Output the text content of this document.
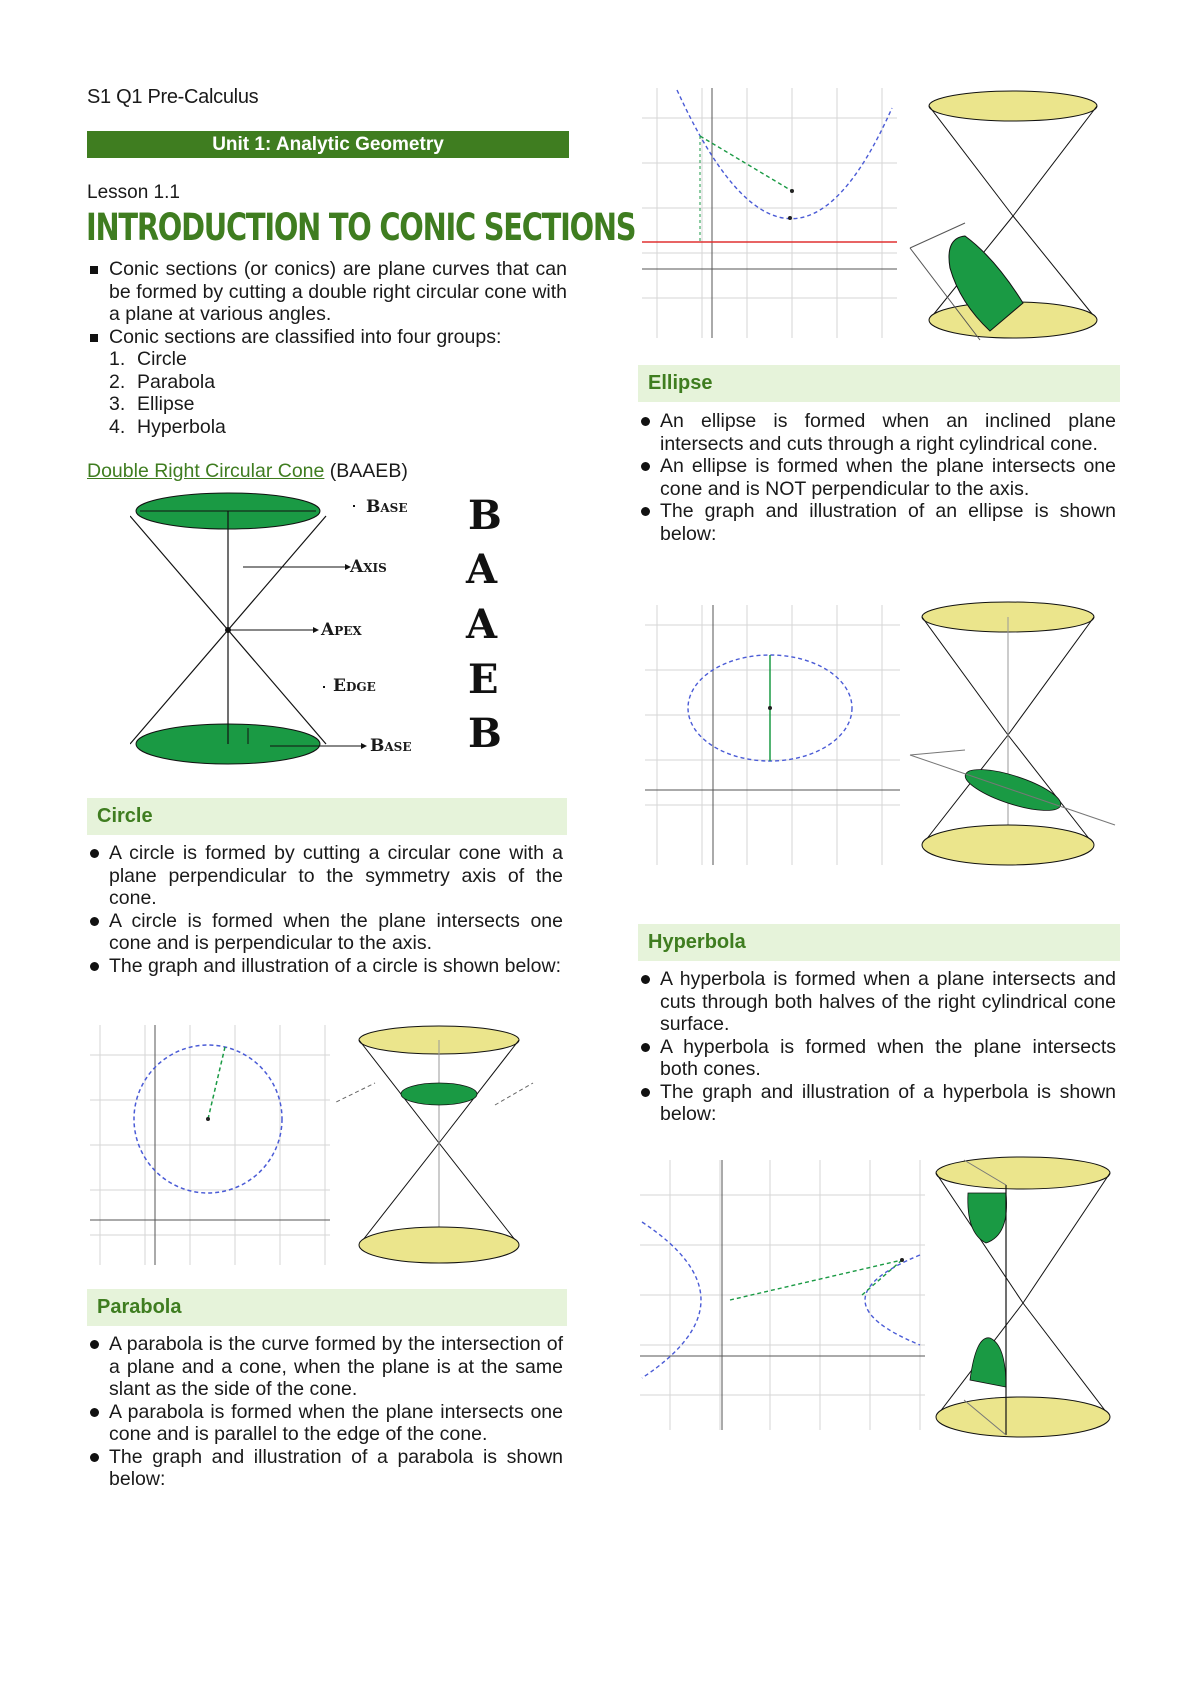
S1 Q1 Pre-Calculus
Unit 1: Analytic Geometry
Lesson 1.1
INTRODUCTION TO CONIC SECTIONS
Conic sections (or conics) are plane curves that can be formed by cutting a double right circular cone with a plane at various angles.
Conic sections are classified into four groups:
1. Circle
2. Parabola
3. Ellipse
4. Hyperbola
Double Right Circular Cone (BAAEB)
Base
Axis
Apex
Edge
Base
B
A
A
E
B
Circle
A circle is formed by cutting a circular cone with a plane perpendicular to the symmetry axis of the cone.
A circle is formed when the plane intersects one cone and is perpendicular to the axis.
The graph and illustration of a circle is shown below:
Parabola
A parabola is the curve formed by the intersection of a plane and a cone, when the plane is at the same slant as the side of the cone.
A parabola is formed when the plane intersects one cone and is parallel to the edge of the cone.
The graph and illustration of a parabola is shown below:
Ellipse
An ellipse is formed when an inclined plane intersects and cuts through a right cylindrical cone.
An ellipse is formed when the plane intersects one cone and is NOT perpendicular to the axis.
The graph and illustration of an ellipse is shown below:
Hyperbola
A hyperbola is formed when a plane intersects and cuts through both halves of the right cylindrical cone surface.
A hyperbola is formed when the plane intersects both cones.
The graph and illustration of a hyperbola is shown below:
